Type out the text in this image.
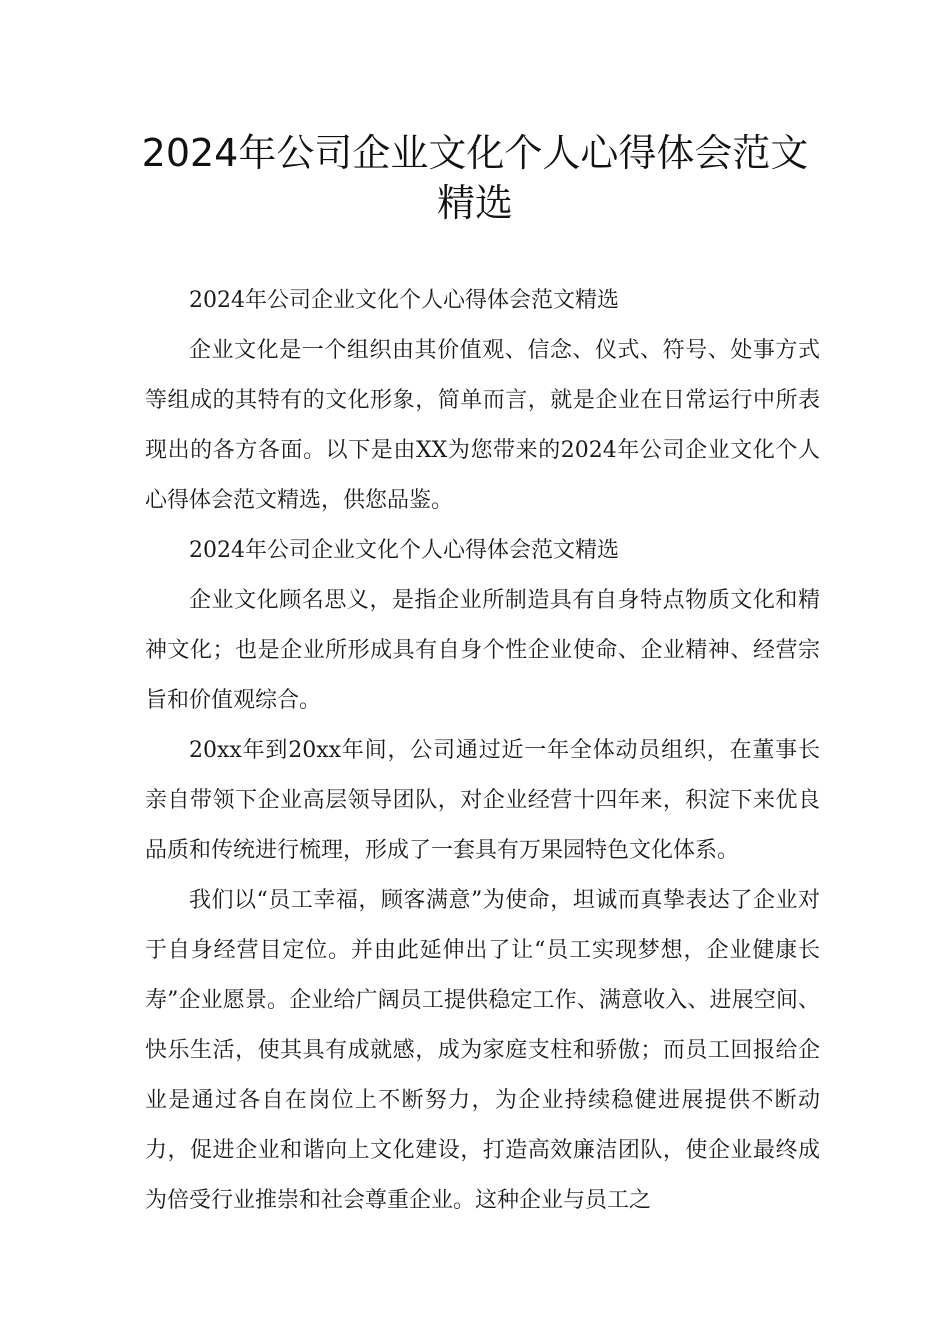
2024年公司企业文化个人心得体会范文
精选

2024年公司企业文化个人心得体会范文精选

企业文化是一个组织由其价值观、信念、仪式、符号、处事方式等组成的其特有的文化形象，简单而言，就是企业在日常运行中所表现出的各方各面。以下是由XX为您带来的2024年公司企业文化个人心得体会范文精选，供您品鉴。

2024年公司企业文化个人心得体会范文精选

企业文化顾名思义，是指企业所制造具有自身特点物质文化和精神文化；也是企业所形成具有自身个性企业使命、企业精神、经营宗旨和价值观综合。

20xx年到20xx年间，公司通过近一年全体动员组织，在董事长亲自带领下企业高层领导团队，对企业经营十四年来，积淀下来优良品质和传统进行梳理，形成了一套具有万果园特色文化体系。

我们以“员工幸福，顾客满意”为使命，坦诚而真挚表达了企业对于自身经营目定位。并由此延伸出了让“员工实现梦想，企业健康长寿”企业愿景。企业给广阔员工提供稳定工作、满意收入、进展空间、快乐生活，使其具有成就感，成为家庭支柱和骄傲；而员工回报给企业是通过各自在岗位上不断努力，为企业持续稳健进展提供不断动力，促进企业和谐向上文化建设，打造高效廉洁团队，使企业最终成为倍受行业推崇和社会尊重企业。这种企业与员工之
